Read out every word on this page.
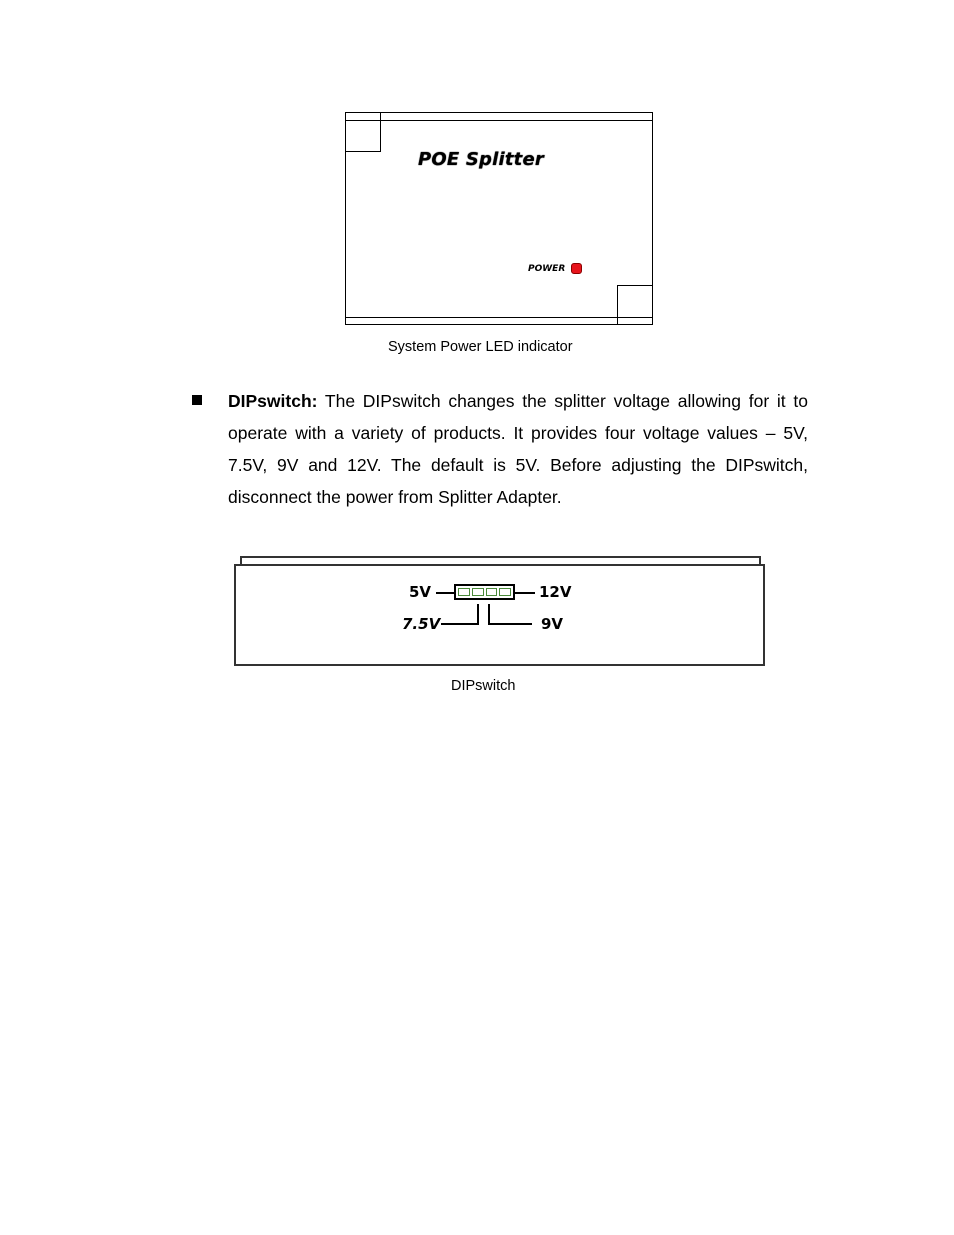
POE Splitter
POWER
System Power LED indicator
DIPswitch: The DIPswitch changes the splitter voltage allowing for it to operate with a variety of products. It provides four voltage values – 5V, 7.5V, 9V and 12V. The default is 5V. Before adjusting the DIPswitch, disconnect the power from Splitter Adapter.
5V	12V
7.5V	9V
DIPswitch
